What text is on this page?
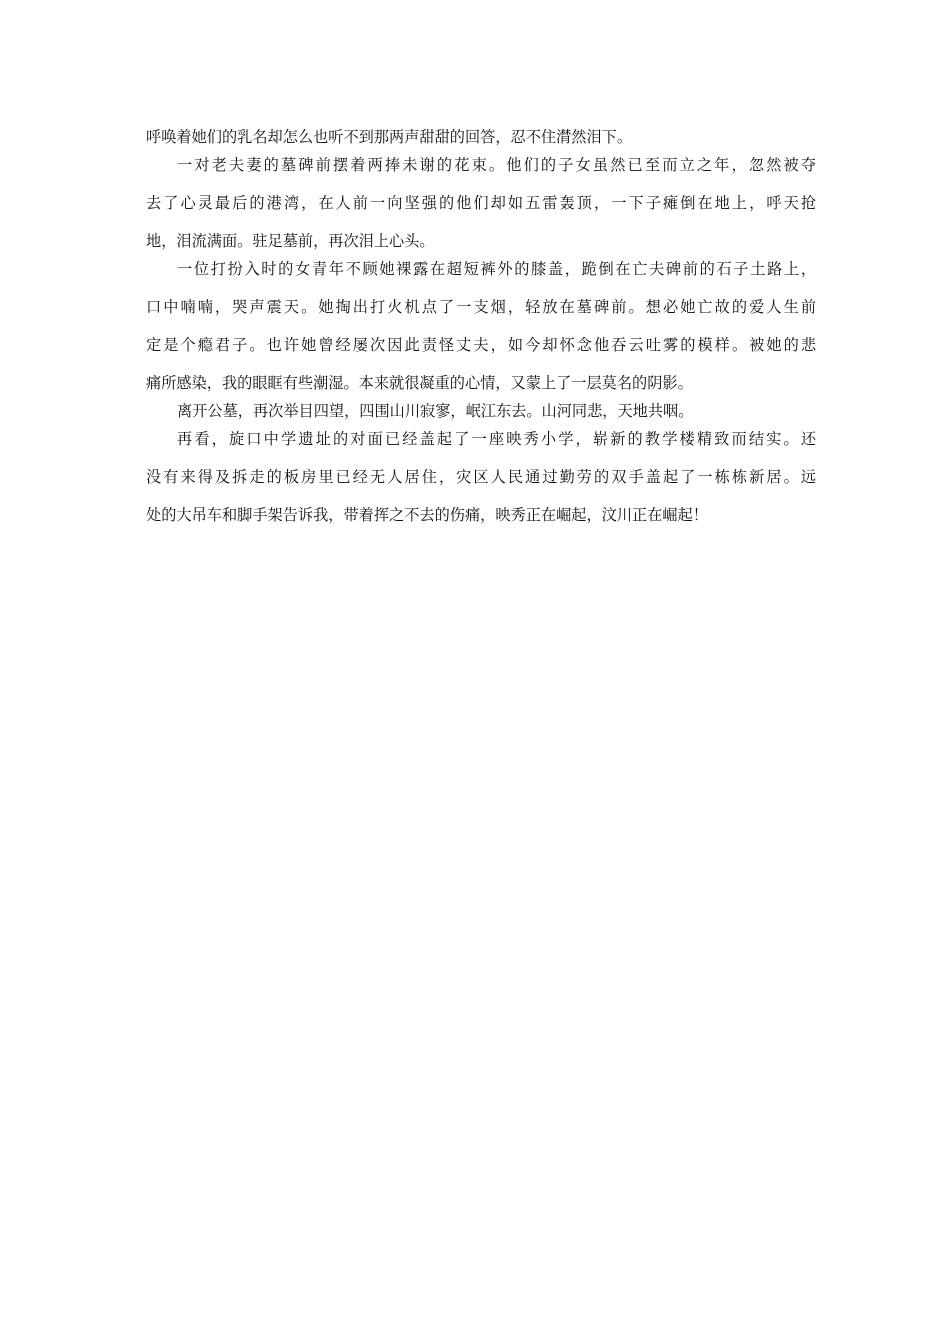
呼唤着她们的乳名却怎么也听不到那两声甜甜的回答，忍不住潸然泪下。
一对老夫妻的墓碑前摆着两捧未谢的花束。他们的子女虽然已至而立之年，忽然被夺
去了心灵最后的港湾，在人前一向坚强的他们却如五雷轰顶，一下子瘫倒在地上，呼天抢
地，泪流满面。驻足墓前，再次泪上心头。
一位打扮入时的女青年不顾她裸露在超短裤外的膝盖，跪倒在亡夫碑前的石子土路上，
口中喃喃，哭声震天。她掏出打火机点了一支烟，轻放在墓碑前。想必她亡故的爱人生前
定是个瘾君子。也许她曾经屡次因此责怪丈夫，如今却怀念他吞云吐雾的模样。被她的悲
痛所感染，我的眼眶有些潮湿。本来就很凝重的心情，又蒙上了一层莫名的阴影。
离开公墓，再次举目四望，四围山川寂寥，岷江东去。山河同悲，天地共咽。
再看，旋口中学遗址的对面已经盖起了一座映秀小学，崭新的教学楼精致而结实。还
没有来得及拆走的板房里已经无人居住，灾区人民通过勤劳的双手盖起了一栋栋新居。远
处的大吊车和脚手架告诉我，带着挥之不去的伤痛，映秀正在崛起，汶川正在崛起！
